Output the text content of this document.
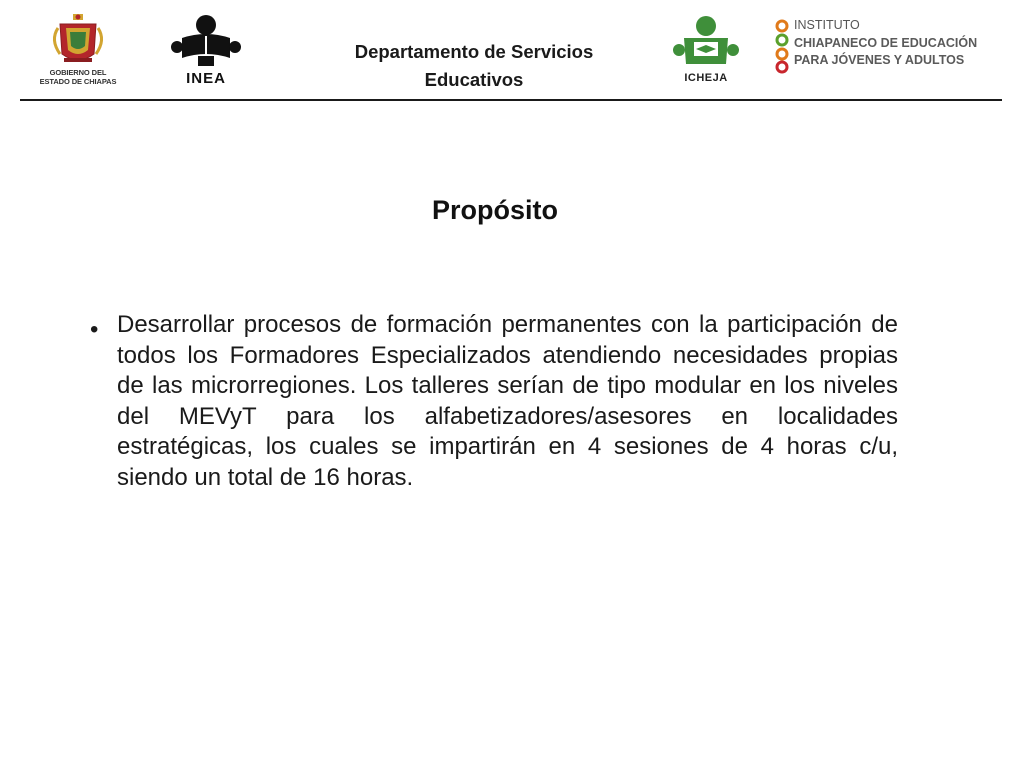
GOBIERNO DEL
ESTADO DE CHIAPAS	INEA
Departamento de Servicios
Educativos	ICHEJA
INSTITUTO
CHIAPANECO DE EDUCACIÓN
PARA JÓVENES Y ADULTOS
Propósito
• Desarrollar procesos de formación permanentes con la participación de todos los Formadores Especializados atendiendo necesidades propias de las microrregiones. Los talleres serían de tipo modular en los niveles del MEVyT para los alfabetizadores/asesores en localidades estratégicas, los cuales se impartirán en 4 sesiones de 4 horas c/u, siendo un total de 16 horas.
